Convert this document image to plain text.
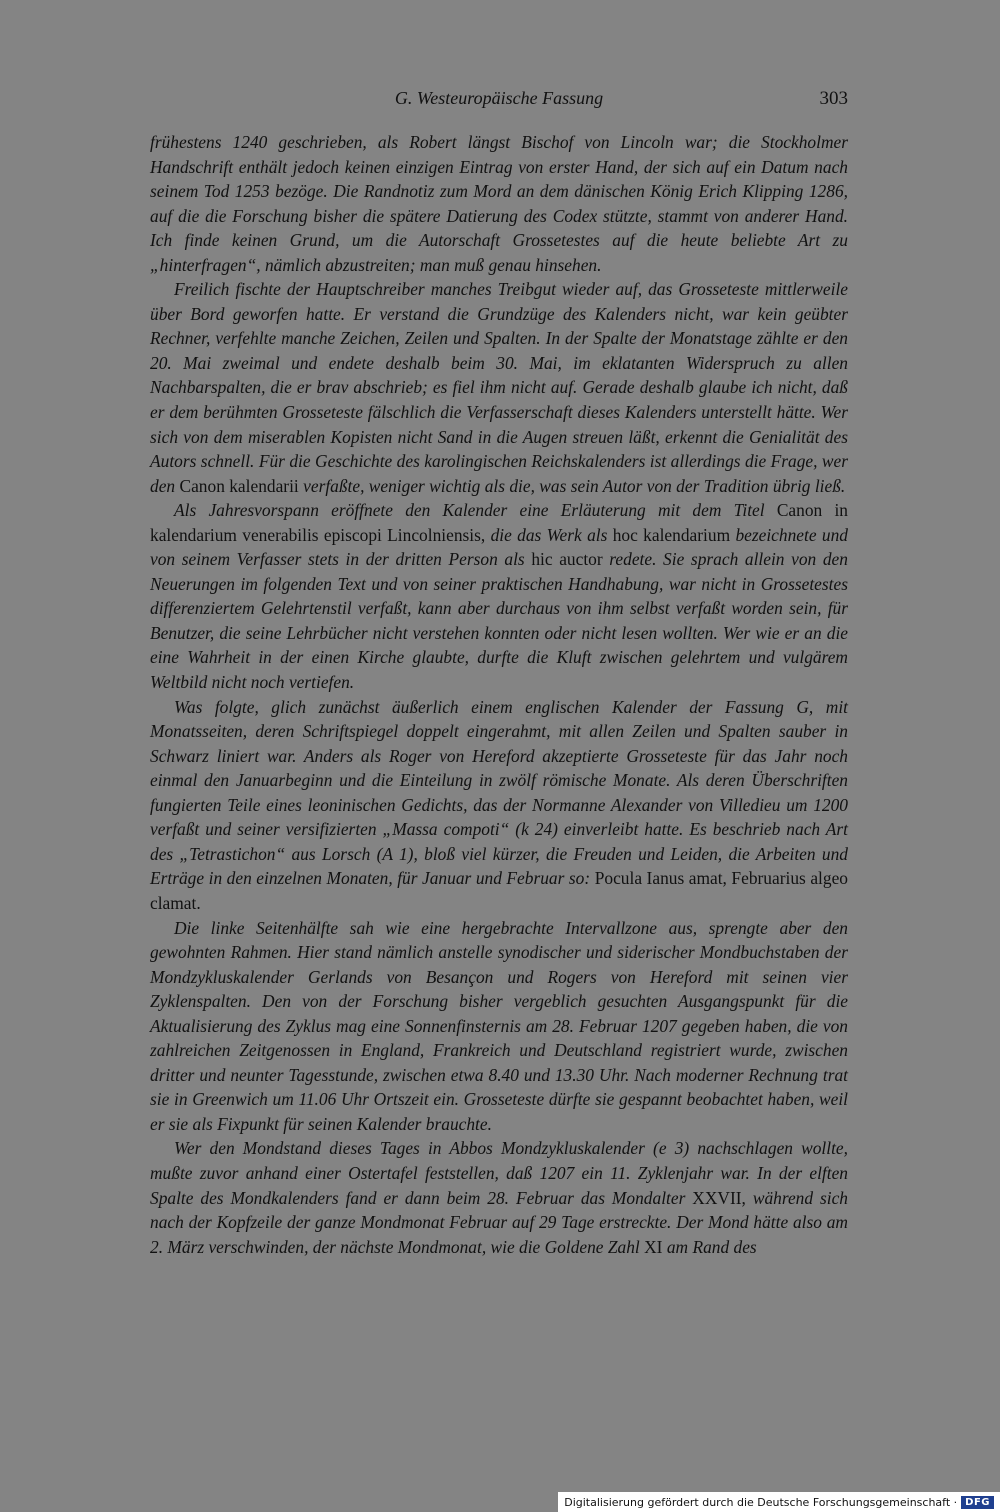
G. Westeuropäische Fassung	303

frühestens 1240 geschrieben, als Robert längst Bischof von Lincoln war; die Stockholmer Handschrift enthält jedoch keinen einzigen Eintrag von erster Hand, der sich auf ein Datum nach seinem Tod 1253 bezöge. Die Randnotiz zum Mord an dem dänischen König Erich Klipping 1286, auf die die Forschung bisher die spätere Datierung des Codex stützte, stammt von anderer Hand. Ich finde keinen Grund, um die Autorschaft Grossetestes auf die heute beliebte Art zu „hinterfragen“, nämlich abzustreiten; man muß genau hinsehen.

Freilich fischte der Hauptschreiber manches Treibgut wieder auf, das Grosseteste mittlerweile über Bord geworfen hatte. Er verstand die Grundzüge des Kalenders nicht, war kein geübter Rechner, verfehlte manche Zeichen, Zeilen und Spalten. In der Spalte der Monatstage zählte er den 20. Mai zweimal und endete deshalb beim 30. Mai, im eklatanten Widerspruch zu allen Nachbarspalten, die er brav abschrieb; es fiel ihm nicht auf. Gerade deshalb glaube ich nicht, daß er dem berühmten Grosseteste fälschlich die Verfasserschaft dieses Kalenders unterstellt hätte. Wer sich von dem miserablen Kopisten nicht Sand in die Augen streuen läßt, erkennt die Genialität des Autors schnell. Für die Geschichte des karolingischen Reichskalenders ist allerdings die Frage, wer den Canon kalendarii verfaßte, weniger wichtig als die, was sein Autor von der Tradition übrig ließ.

Als Jahresvorspann eröffnete den Kalender eine Erläuterung mit dem Titel Canon in kalendarium venerabilis episcopi Lincolniensis, die das Werk als hoc kalendarium bezeichnete und von seinem Verfasser stets in der dritten Person als hic auctor redete. Sie sprach allein von den Neuerungen im folgenden Text und von seiner praktischen Handhabung, war nicht in Grossetestes differenziertem Gelehrtenstil verfaßt, kann aber durchaus von ihm selbst verfaßt worden sein, für Benutzer, die seine Lehrbücher nicht verstehen konnten oder nicht lesen wollten. Wer wie er an die eine Wahrheit in der einen Kirche glaubte, durfte die Kluft zwischen gelehrtem und vulgärem Weltbild nicht noch vertiefen.

Was folgte, glich zunächst äußerlich einem englischen Kalender der Fassung G, mit Monatsseiten, deren Schriftspiegel doppelt eingerahmt, mit allen Zeilen und Spalten sauber in Schwarz liniert war. Anders als Roger von Hereford akzeptierte Grosseteste für das Jahr noch einmal den Januarbeginn und die Einteilung in zwölf römische Monate. Als deren Überschriften fungierten Teile eines leoninischen Gedichts, das der Normanne Alexander von Villedieu um 1200 verfaßt und seiner versifizierten „Massa compoti“ (k 24) einverleibt hatte. Es beschrieb nach Art des „Tetrastichon“ aus Lorsch (A 1), bloß viel kürzer, die Freuden und Leiden, die Arbeiten und Erträge in den einzelnen Monaten, für Januar und Februar so: Pocula Ianus amat, Februarius algeo clamat.

Die linke Seitenhälfte sah wie eine hergebrachte Intervallzone aus, sprengte aber den gewohnten Rahmen. Hier stand nämlich anstelle synodischer und siderischer Mondbuchstaben der Mondzykluskalender Gerlands von Besançon und Rogers von Hereford mit seinen vier Zyklenspalten. Den von der Forschung bisher vergeblich gesuchten Ausgangspunkt für die Aktualisierung des Zyklus mag eine Sonnenfinsternis am 28. Februar 1207 gegeben haben, die von zahlreichen Zeitgenossen in England, Frankreich und Deutschland registriert wurde, zwischen dritter und neunter Tagesstunde, zwischen etwa 8.40 und 13.30 Uhr. Nach moderner Rechnung trat sie in Greenwich um 11.06 Uhr Ortszeit ein. Grosseteste dürfte sie gespannt beobachtet haben, weil er sie als Fixpunkt für seinen Kalender brauchte.

Wer den Mondstand dieses Tages in Abbos Mondzykluskalender (e 3) nachschlagen wollte, mußte zuvor anhand einer Ostertafel feststellen, daß 1207 ein 11. Zyklenjahr war. In der elften Spalte des Mondkalenders fand er dann beim 28. Februar das Mondalter XXVII, während sich nach der Kopfzeile der ganze Mondmonat Februar auf 29 Tage erstreckte. Der Mond hätte also am 2. März verschwinden, der nächste Mondmonat, wie die Goldene Zahl XI am Rand des

Digitalisierung gefördert durch die Deutsche Forschungsgemeinschaft · DFG
